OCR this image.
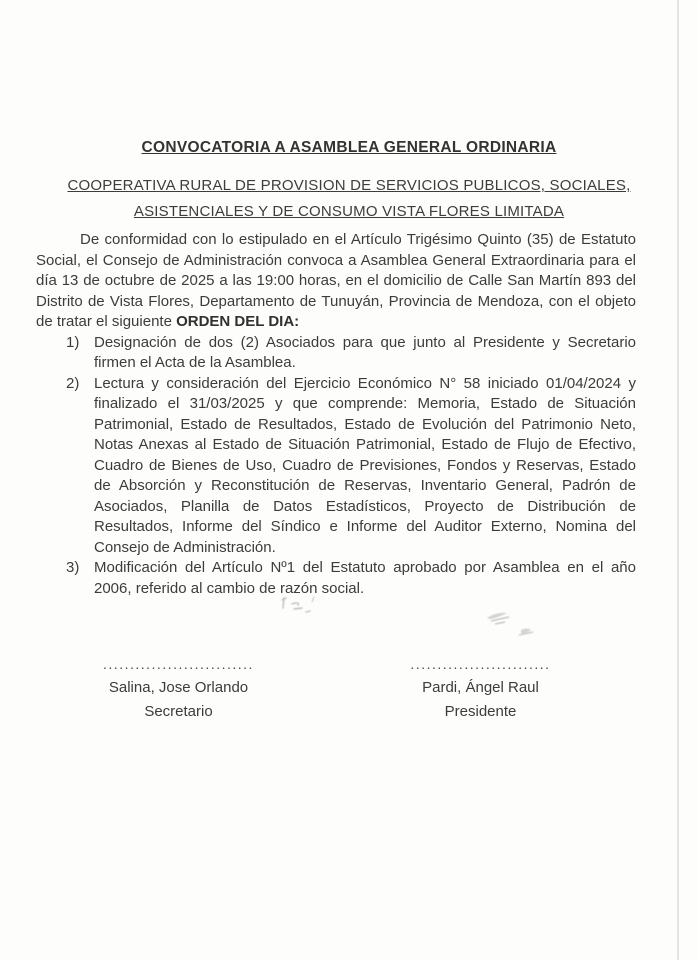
CONVOCATORIA A ASAMBLEA GENERAL ORDINARIA
COOPERATIVA RURAL DE PROVISION DE SERVICIOS PUBLICOS, SOCIALES,
ASISTENCIALES Y DE CONSUMO VISTA FLORES LIMITADA

De conformidad con lo estipulado en el Artículo Trigésimo Quinto (35) de Estatuto Social, el Consejo de Administración convoca a Asamblea General Extraordinaria para el día 13 de octubre de 2025 a las 19:00 horas, en el domicilio de Calle San Martín 893 del Distrito de Vista Flores, Departamento de Tunuyán, Provincia de Mendoza, con el objeto de tratar el siguiente ORDEN DEL DIA:

1) Designación de dos (2) Asociados para que junto al Presidente y Secretario firmen el Acta de la Asamblea.
2) Lectura y consideración del Ejercicio Económico N° 58 iniciado 01/04/2024 y finalizado el 31/03/2025 y que comprende: Memoria, Estado de Situación Patrimonial, Estado de Resultados, Estado de Evolución del Patrimonio Neto, Notas Anexas al Estado de Situación Patrimonial, Estado de Flujo de Efectivo, Cuadro de Bienes de Uso, Cuadro de Previsiones, Fondos y Reservas, Estado de Absorción y Reconstitución de Reservas, Inventario General, Padrón de Asociados, Planilla de Datos Estadísticos, Proyecto de Distribución de Resultados, Informe del Síndico e Informe del Auditor Externo, Nomina del Consejo de Administración.
3) Modificación del Artículo Nº1 del Estatuto aprobado por Asamblea en el año 2006, referido al cambio de razón social.
............................
Salina, Jose Orlando
Secretario
..........................
Pardi, Ángel Raul
Presidente
